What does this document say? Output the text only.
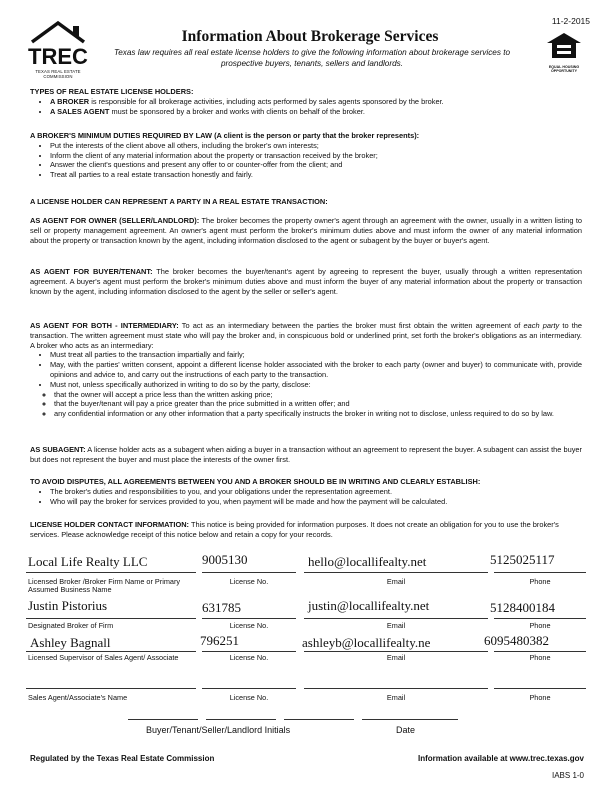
TREC
TEXAS REAL ESTATE COMMISSION
11-2-2015
EQUAL HOUSING OPPORTUNITY
Information About Brokerage Services
Texas law requires all real estate license holders to give the following information about brokerage services to prospective buyers, tenants, sellers and landlords.

TYPES OF REAL ESTATE LICENSE HOLDERS:

• A BROKER is responsible for all brokerage activities, including acts performed by sales agents sponsored by the broker.
• A SALES AGENT must be sponsored by a broker and works with clients on behalf of the broker.

A BROKER'S MINIMUM DUTIES REQUIRED BY LAW (A client is the person or party that the broker represents):

• Put the interests of the client above all others, including the broker's own interests;
• Inform the client of any material information about the property or transaction received by the broker;
• Answer the client's questions and present any offer to or counter-offer from the client; and
• Treat all parties to a real estate transaction honestly and fairly.

A LICENSE HOLDER CAN REPRESENT A PARTY IN A REAL ESTATE TRANSACTION:

AS AGENT FOR OWNER (SELLER/LANDLORD): The broker becomes the property owner's agent through an agreement with the owner, usually in a written listing to sell or property management agreement. An owner's agent must perform the broker's minimum duties above and must inform the owner of any material information about the property or transaction known by the agent, including information disclosed to the agent or subagent by the buyer or buyer's agent.

AS AGENT FOR BUYER/TENANT: The broker becomes the buyer/tenant's agent by agreeing to represent the buyer, usually through a written representation agreement. A buyer's agent must perform the broker's minimum duties above and must inform the buyer of any material information about the property or transaction known by the agent, including information disclosed to the agent by the seller or seller's agent.

AS AGENT FOR BOTH - INTERMEDIARY: To act as an intermediary between the parties the broker must first obtain the written agreement of each party to the transaction. The written agreement must state who will pay the broker and, in conspicuous bold or underlined print, set forth the broker's obligations as an intermediary. A broker who acts as an intermediary:

• Must treat all parties to the transaction impartially and fairly;
• May, with the parties' written consent, appoint a different license holder associated with the broker to each party (owner and buyer) to communicate with, provide opinions and advice to, and carry out the instructions of each party to the transaction.
• Must not, unless specifically authorized in writing to do so by the party, disclose:
◦ that the owner will accept a price less than the written asking price;
◦ that the buyer/tenant will pay a price greater than the price submitted in a written offer; and
◦ any confidential information or any other information that a party specifically instructs the broker in writing not to disclose, unless required to do so by law.

AS SUBAGENT: A license holder acts as a subagent when aiding a buyer in a transaction without an agreement to represent the buyer. A subagent can assist the buyer but does not represent the buyer and must place the interests of the owner first.

TO AVOID DISPUTES, ALL AGREEMENTS BETWEEN YOU AND A BROKER SHOULD BE IN WRITING AND CLEARLY ESTABLISH:

• The broker's duties and responsibilities to you, and your obligations under the representation agreement.
• Who will pay the broker for services provided to you, when payment will be made and how the payment will be calculated.

LICENSE HOLDER CONTACT INFORMATION: This notice is being provided for information purposes. It does not create an obligation for you to use the broker's services. Please acknowledge receipt of this notice below and retain a copy for your records.

Local Life Realty LLC	9005130	hello@locallifealty.net	5125025117
Licensed Broker /Broker Firm Name or Primary Assumed Business Name
License No.	Email	Phone
Justin Pistorius	631785	justin@locallifealty.net	5128400184
Designated Broker of Firm	License No.	Email	Phone
Ashley Bagnall	796251	ashleyb@locallifealty.ne	6095480382
Licensed Supervisor of Sales Agent/ Associate	License No.	Email	Phone
Sales Agent/Associate's Name	License No.	Email	Phone
Buyer/Tenant/Seller/Landlord Initials	Date
Regulated by the Texas Real Estate Commission	Information available at www.trec.texas.gov
IABS 1-0
